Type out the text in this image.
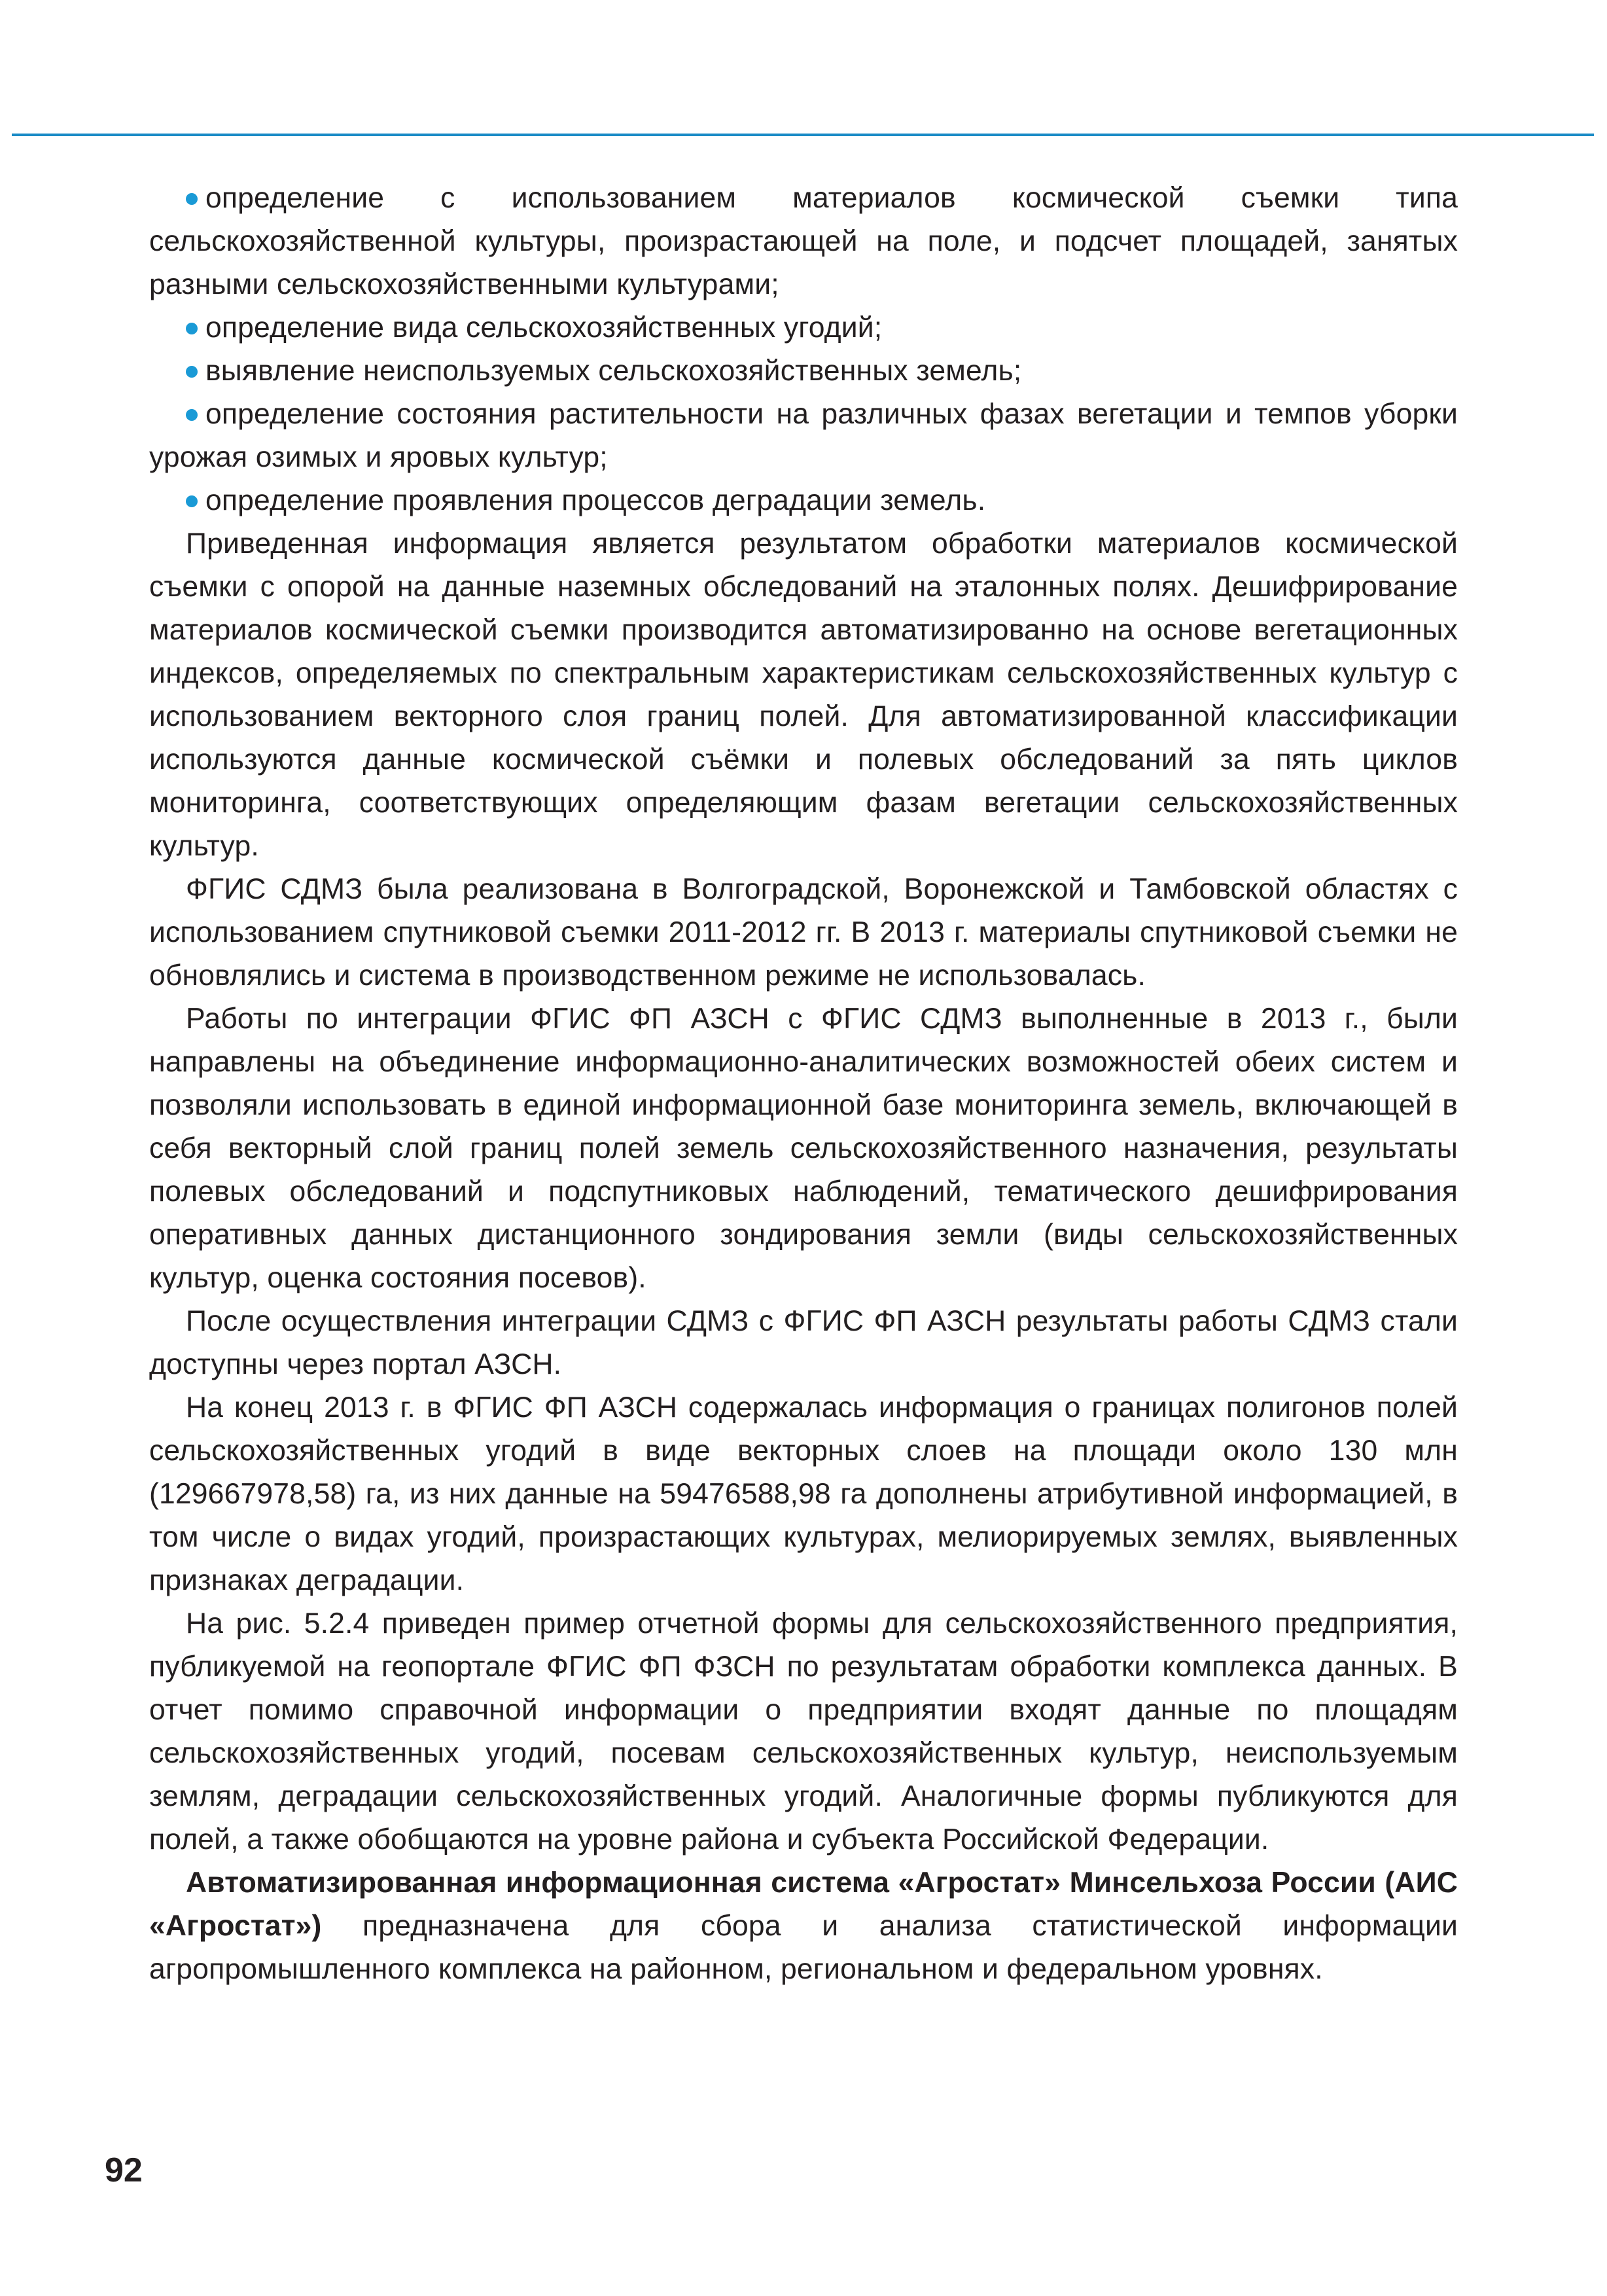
определение с использованием материалов космической съемки типа сельскохозяйственной культуры, произрастающей на поле, и подсчет площадей, занятых разными сельскохозяйственными культурами;

определение вида сельскохозяйственных угодий;

выявление неиспользуемых сельскохозяйственных земель;

определение состояния растительности на различных фазах вегетации и темпов уборки урожая озимых и яровых культур;

определение проявления процессов деградации земель.

Приведенная информация является результатом обработки материалов космической съемки с опорой на данные наземных обследований на эталонных полях. Дешифрирование материалов космической съемки производится автоматизированно на основе вегетационных индексов, определяемых по спектральным характеристикам сельскохозяйственных культур с использованием векторного слоя границ полей. Для автоматизированной классификации используются данные космической съёмки и полевых обследований за пять циклов мониторинга, соответствующих определяющим фазам вегетации сельскохозяйственных культур.

ФГИС СДМЗ была реализована в Волгоградской, Воронежской и Тамбовской областях с использованием спутниковой съемки 2011-2012 гг. В 2013 г. материалы спутниковой съемки не обновлялись и система в производственном режиме не использовалась.

Работы по интеграции ФГИС ФП АЗСН с ФГИС СДМЗ выполненные в 2013 г., были направлены на объединение информационно-аналитических возможностей обеих систем и позволяли использовать в единой информационной базе мониторинга земель, включающей в себя векторный слой границ полей земель сельскохозяйственного назначения, результаты полевых обследований и подспутниковых наблюдений, тематического дешифрирования оперативных данных дистанционного зондирования земли (виды сельскохозяйственных культур, оценка состояния посевов).

После осуществления интеграции СДМЗ с ФГИС ФП АЗСН результаты работы СДМЗ стали доступны через портал АЗСН.

На конец 2013 г. в ФГИС ФП АЗСН содержалась информация о границах полигонов полей сельскохозяйственных угодий в виде векторных слоев на площади около 130 млн (129667978,58) га, из них данные на 59476588,98 га дополнены атрибутивной информацией, в том числе о видах угодий, произрастающих культурах, мелиорируемых землях, выявленных признаках деградации.

На рис. 5.2.4 приведен пример отчетной формы для сельскохозяйственного предприятия, публикуемой на геопортале ФГИС ФП ФЗСН по результатам обработки комплекса данных. В отчет помимо справочной информации о предприятии входят данные по площадям сельскохозяйственных угодий, посевам сельскохозяйственных культур, неиспользуемым землям, деградации сельскохозяйственных угодий. Аналогичные формы публикуются для полей, а также обобщаются на уровне района и субъекта Российской Федерации.

Автоматизированная информационная система «Агростат» Минсельхоза России (АИС «Агростат») предназначена для сбора и анализа статистической информации агропромышленного комплекса на районном, региональном и федеральном уровнях.

92
